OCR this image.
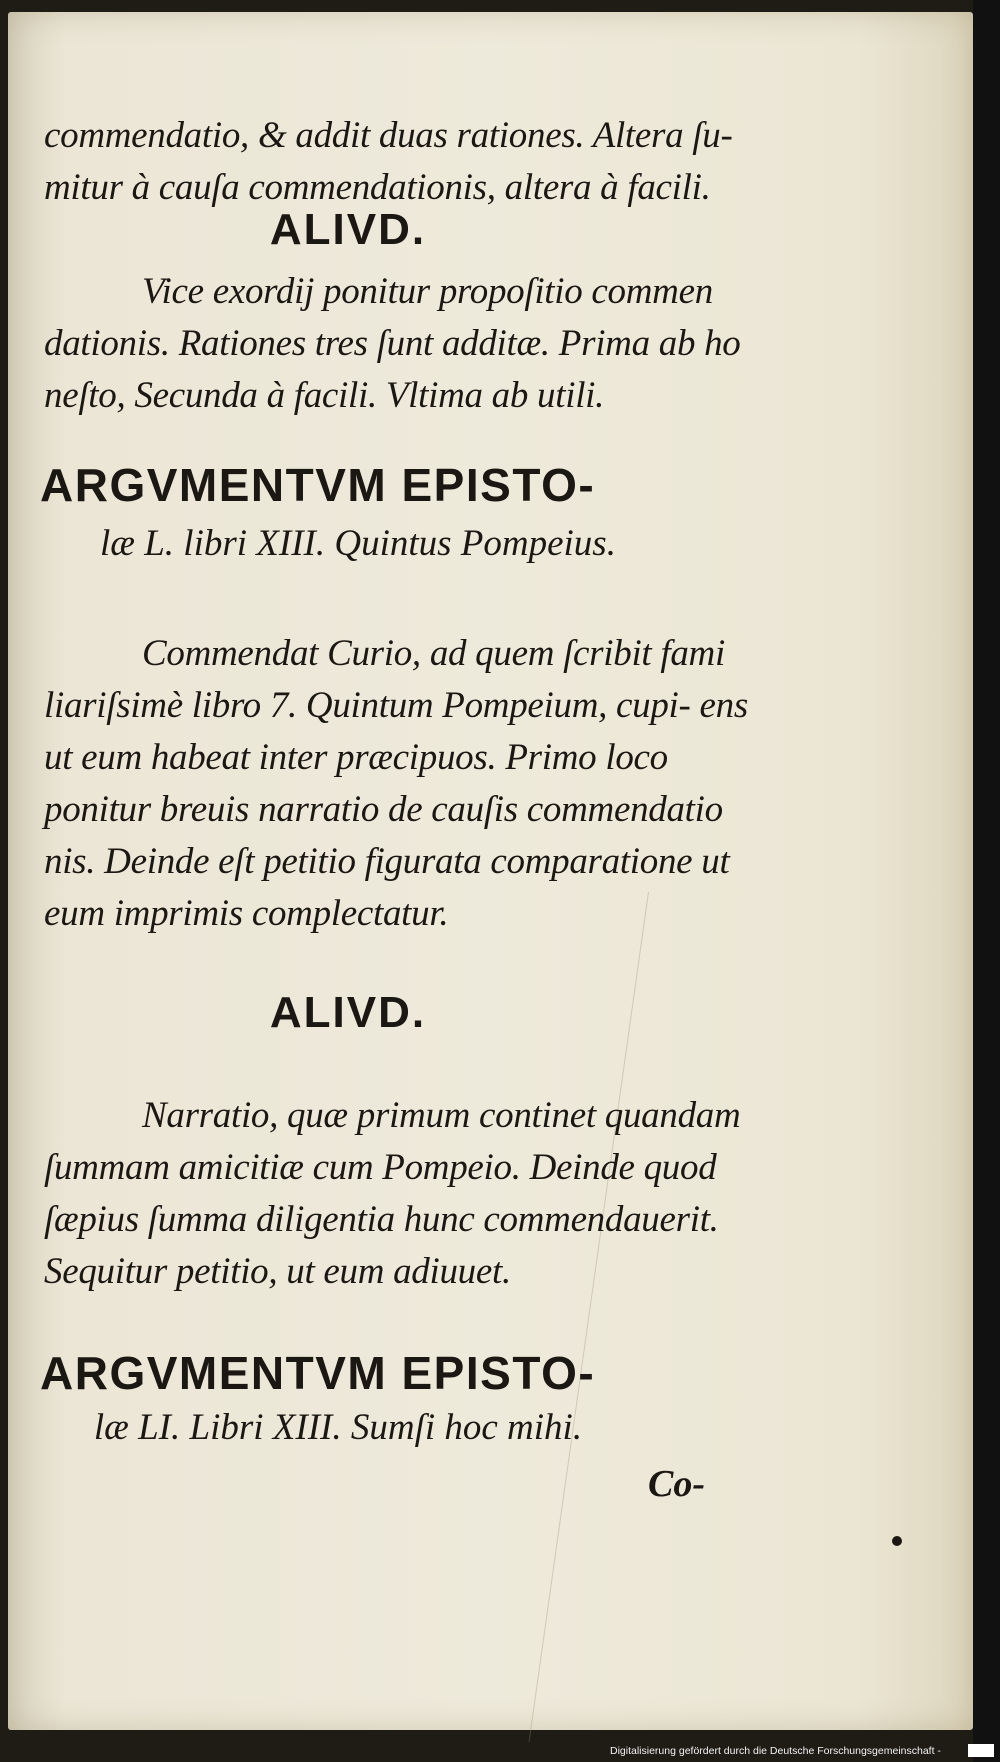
commendatio, & addit duas rationes. Altera ſu- mitur à cauſa commendationis, altera à facili.
ALIVD.
Vice exordij ponitur propoſitio commen dationis. Rationes tres ſunt additæ. Prima ab ho neſto, Secunda à facili. Vltima ab utili.
ARGVMENTVM EPISTO-
læ L. libri XIII. Quintus Pompeius.
Commendat Curio, ad quem ſcribit fami liariſsimè libro 7. Quintum Pompeium, cupi- ens ut eum habeat inter præcipuos. Primo loco ponitur breuis narratio de cauſis commendatio nis. Deinde eſt petitio figurata comparatione ut eum imprimis complectatur.
ALIVD.
Narratio, quæ primum continet quandam ſummam amicitiæ cum Pompeio. Deinde quod ſæpius ſumma diligentia hunc commendauerit. Sequitur petitio, ut eum adiuuet.
ARGVMENTVM EPISTO-
læ LI. Libri XIII. Sumſi hoc mihi.
Co-
Digitalisierung gefördert durch die Deutsche Forschungsgemeinschaft -
